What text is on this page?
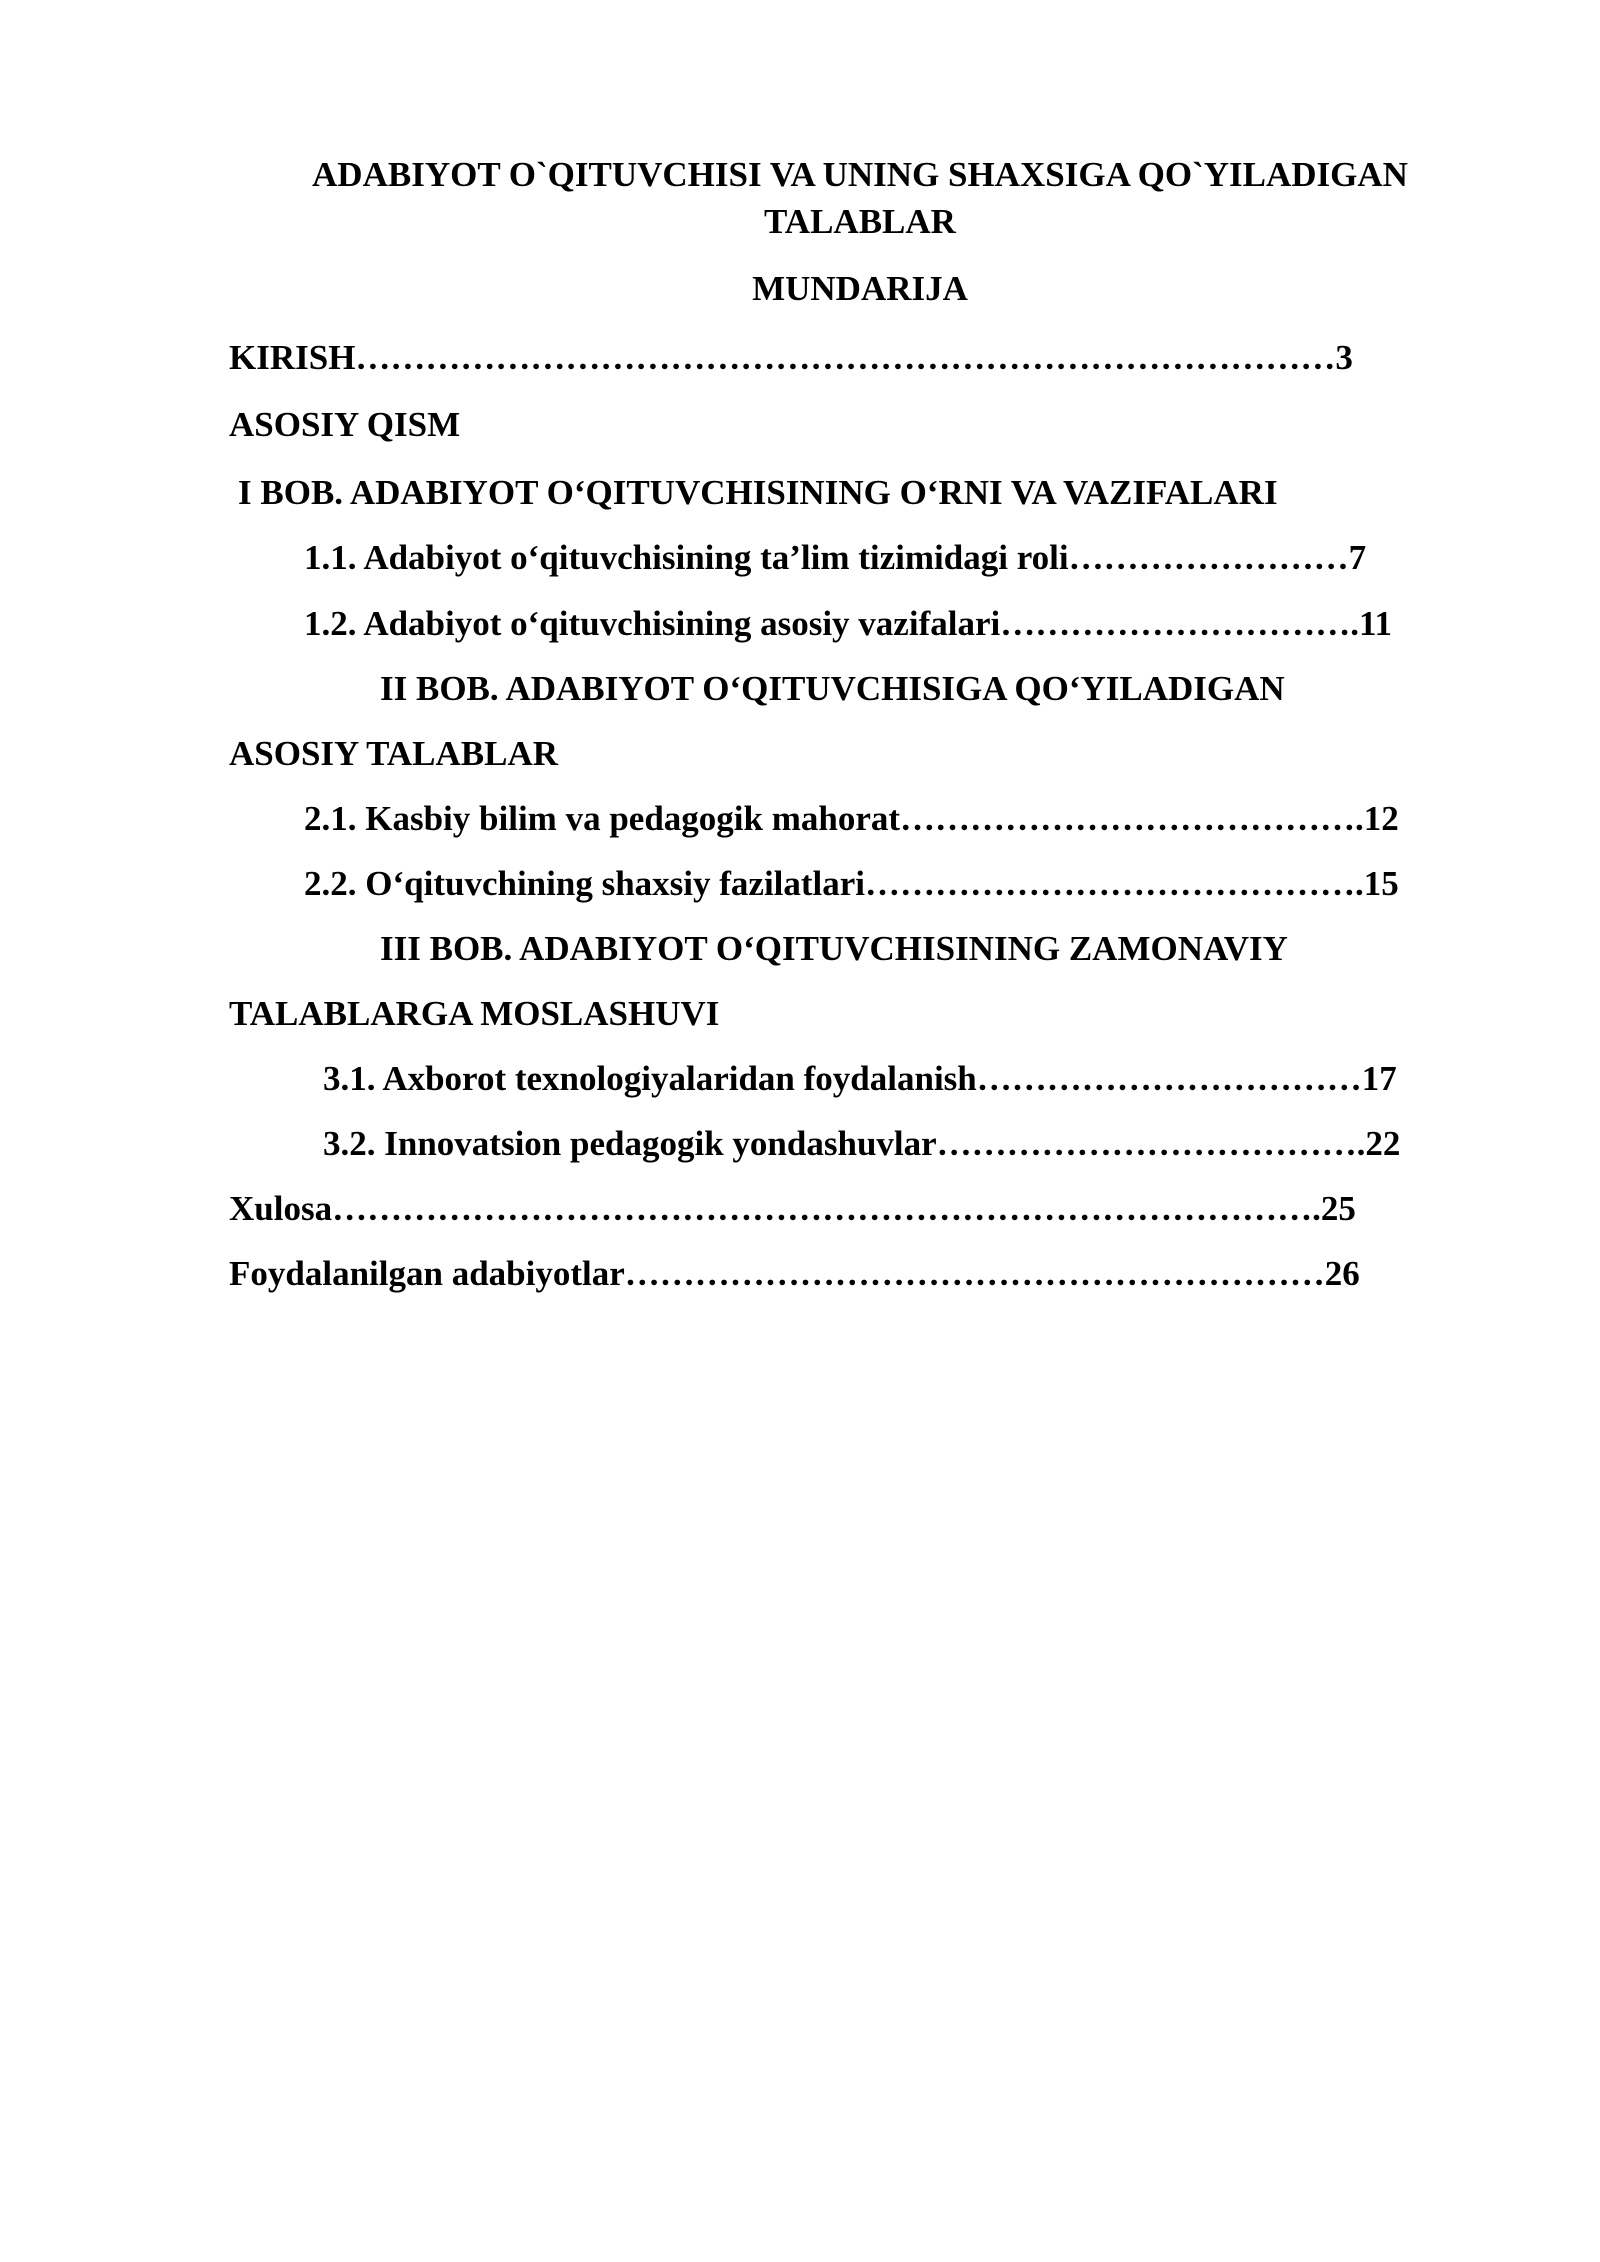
ADABIYOT O`QITUVCHISI VA UNING SHAXSIGA QO`YILADIGAN
TALABLAR
MUNDARIJA
KIRISH…………………………………………………………………………3
ASOSIY QISM
I BOB. ADABIYOT O‘QITUVCHISINING O‘RNI VA VAZIFALARI
1.1. Adabiyot o‘qituvchisining ta’lim tizimidagi roli……………………7
1.2. Adabiyot o‘qituvchisining asosiy vazifalari………………………….11
II BOB. ADABIYOT O‘QITUVCHISIGA QO‘YILADIGAN
ASOSIY TALABLAR
2.1. Kasbiy bilim va pedagogik mahorat………………………………….12
2.2. O‘qituvchining shaxsiy fazilatlari…………………………………….15
III BOB. ADABIYOT O‘QITUVCHISINING ZAMONAVIY
TALABLARGA MOSLASHUVI
3.1. Axborot texnologiyalaridan foydalanish……………………………17
3.2. Innovatsion pedagogik yondashuvlar……………………………….22
Xulosa………………………………………………………………………….25
Foydalanilgan adabiyotlar……………………………………………………26
